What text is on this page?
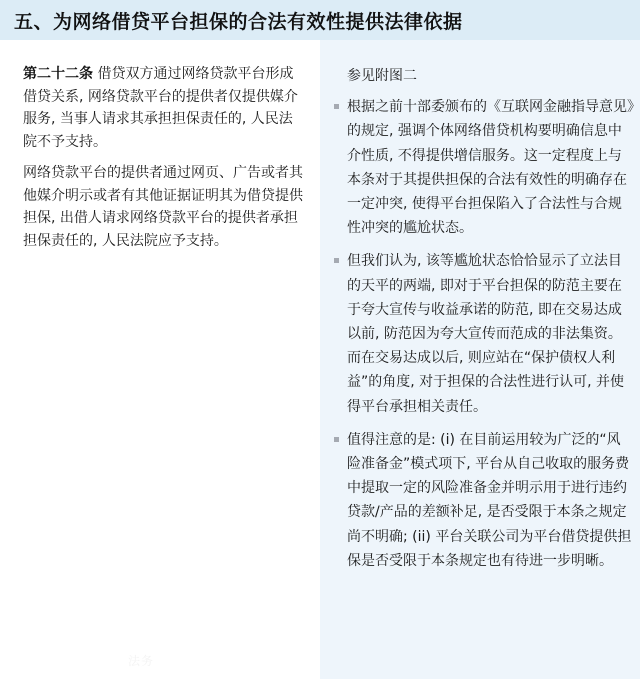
五、为网络借贷平台担保的合法有效性提供法律依据

第二十二条 借贷双方通过网络贷款平台形成借贷关系, 网络贷款平台的提供者仅提供媒介服务, 当事人请求其承担担保责任的, 人民法院不予支持。

网络贷款平台的提供者通过网页、广告或者其他媒介明示或者有其他证据证明其为借贷提供担保, 出借人请求网络贷款平台的提供者承担担保责任的, 人民法院应予支持。

参见附图二
根据之前十部委颁布的《互联网金融指导意见》的规定, 强调个体网络借贷机构要明确信息中介性质, 不得提供增信服务。这一定程度上与本条对于其提供担保的合法有效性的明确存在一定冲突, 使得平台担保陷入了合法性与合规性冲突的尴尬状态。
但我们认为, 该等尴尬状态恰恰显示了立法目的天平的两端, 即对于平台担保的防范主要在于夸大宣传与收益承诺的防范, 即在交易达成以前, 防范因为夸大宣传而范成的非法集资。而在交易达成以后, 则应站在“保护债权人利益”的角度, 对于担保的合法性进行认可, 并使得平台承担相关责任。
值得注意的是: (i) 在目前运用较为广泛的“风险准备金”模式项下, 平台从自己收取的服务费中提取一定的风险准备金并明示用于进行违约贷款/产品的差额补足, 是否受限于本条之规定尚不明确; (ii) 平台关联公司为平台借贷提供担保是否受限于本条规定也有待进一步明晰。
法务
